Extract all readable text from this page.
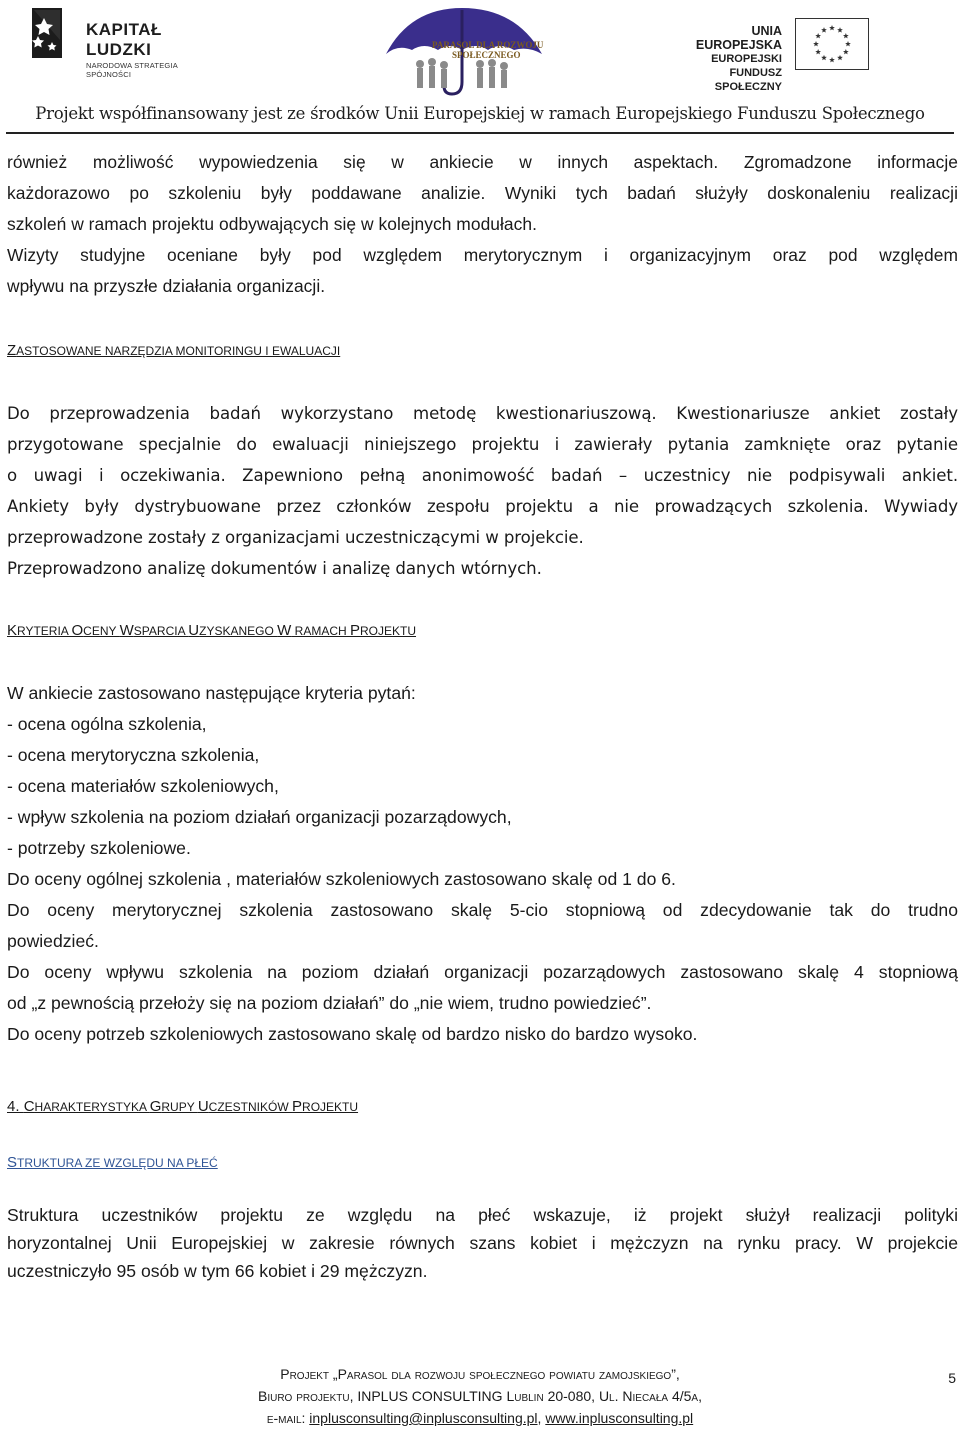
KAPITAŁ LUDZKI
NARODOWA STRATEGIA SPÓJNOŚCI
PARASOL DLA ROZWOJU
SPOŁECZNEGO
UNIA EUROPEJSKA
EUROPEJSKI
FUNDUSZ SPOŁECZNY
Projekt współfinansowany jest ze środków Unii Europejskiej w ramach Europejskiego Funduszu Społecznego
również możliwość wypowiedzenia się w ankiecie w innych aspektach. Zgromadzone informacje
każdorazowo po szkoleniu były poddawane analizie. Wyniki tych badań służyły doskonaleniu realizacji
szkoleń w ramach projektu odbywających się w kolejnych modułach.
Wizyty studyjne oceniane były pod względem merytorycznym i organizacyjnym oraz pod względem
wpływu na przyszłe działania organizacji.
ZASTOSOWANE NARZĘDZIA MONITORINGU I EWALUACJI
Do przeprowadzenia badań wykorzystano metodę kwestionariuszową. Kwestionariusze ankiet zostały
przygotowane specjalnie do ewaluacji niniejszego projektu i zawierały pytania zamknięte oraz pytanie
o uwagi i oczekiwania. Zapewniono pełną anonimowość badań – uczestnicy nie podpisywali ankiet.
Ankiety były dystrybuowane przez członków zespołu projektu a nie prowadzących szkolenia. Wywiady
przeprowadzone zostały z organizacjami uczestniczącymi w projekcie.
Przeprowadzono analizę dokumentów i analizę danych wtórnych.
KRYTERIA OCENY WSPARCIA UZYSKANEGO W RAMACH PROJEKTU
W ankiecie zastosowano następujące kryteria pytań:
- ocena ogólna szkolenia,
- ocena merytoryczna szkolenia,
- ocena materiałów szkoleniowych,
- wpływ szkolenia na poziom działań organizacji pozarządowych,
- potrzeby szkoleniowe.
Do oceny ogólnej szkolenia , materiałów szkoleniowych zastosowano skalę od 1 do 6.
Do oceny merytorycznej szkolenia zastosowano skalę 5-cio stopniową od zdecydowanie tak do trudno
powiedzieć.
Do oceny wpływu szkolenia na poziom działań organizacji pozarządowych zastosowano skalę 4 stopniową
od „z pewnością przełoży się na poziom działań” do „nie wiem, trudno powiedzieć”.
Do oceny potrzeb szkoleniowych zastosowano skalę od bardzo nisko do bardzo wysoko.
4. CHARAKTERYSTYKA GRUPY UCZESTNIKÓW PROJEKTU
STRUKTURA ZE WZGLĘDU NA PŁEĆ
Struktura uczestników projektu ze względu na płeć wskazuje, iż projekt służył realizacji polityki
horyzontalnej Unii Europejskiej w zakresie równych szans kobiet i mężczyzn na rynku pracy. W projekcie
uczestniczyło 95 osób w tym 66 kobiet i 29 mężczyzn.
Projekt „Parasol dla rozwoju społecznego powiatu zamojskiego”,
Biuro projektu, INPLUS CONSULTING Lublin 20-080, Ul. Niecała 4/5a,
e-mail: inplusconsulting@inplusconsulting.pl, www.inplusconsulting.pl
5
